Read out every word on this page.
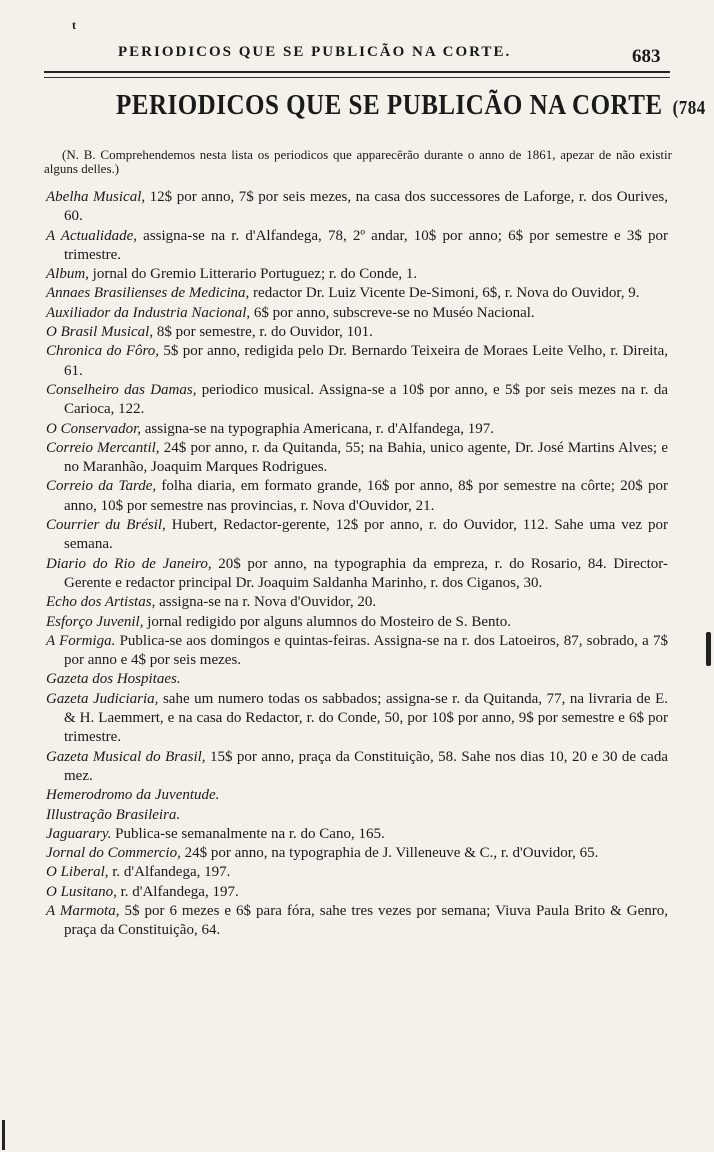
t
PERIODICOS QUE SE PUBLICÃO NA CORTE.	683
PERIODICOS QUE SE PUBLICÃO NA CORTE (784
(N. B. Comprehendemos nesta lista os periodicos que apparecêrão durante o anno de 1861, apezar de não existir alguns delles.)
Abelha Musical, 12$ por anno, 7$ por seis mezes, na casa dos successores de Laforge, r. dos Ourives, 60.
A Actualidade, assigna-se na r. d'Alfandega, 78, 2º andar, 10$ por anno; 6$ por semestre e 3$ por trimestre.
Album, jornal do Gremio Litterario Portuguez; r. do Conde, 1.
Annaes Brasilienses de Medicina, redactor Dr. Luiz Vicente De-Simoni, 6$, r. Nova do Ouvidor, 9.
Auxiliador da Industria Nacional, 6$ por anno, subscreve-se no Muséo Nacional.
O Brasil Musical, 8$ por semestre, r. do Ouvidor, 101.
Chronica do Fôro, 5$ por anno, redigida pelo Dr. Bernardo Teixeira de Moraes Leite Velho, r. Direita, 61.
Conselheiro das Damas, periodico musical. Assigna-se a 10$ por anno, e 5$ por seis mezes na r. da Carioca, 122.
O Conservador, assigna-se na typographia Americana, r. d'Alfandega, 197.
Correio Mercantil, 24$ por anno, r. da Quitanda, 55; na Bahia, unico agente, Dr. José Martins Alves; e no Maranhão, Joaquim Marques Rodrigues.
Correio da Tarde, folha diaria, em formato grande, 16$ por anno, 8$ por semestre na côrte; 20$ por anno, 10$ por semestre nas provincias, r. Nova d'Ouvidor, 21.
Courrier du Brésil, Hubert, Redactor-gerente, 12$ por anno, r. do Ouvidor, 112. Sahe uma vez por semana.
Diario do Rio de Janeiro, 20$ por anno, na typographia da empreza, r. do Rosario, 84. Director-Gerente e redactor principal Dr. Joaquim Saldanha Marinho, r. dos Ciganos, 30.
Echo dos Artistas, assigna-se na r. Nova d'Ouvidor, 20.
Esforço Juvenil, jornal redigido por alguns alumnos do Mosteiro de S. Bento.
A Formiga. Publica-se aos domingos e quintas-feiras. Assigna-se na r. dos Latoeiros, 87, sobrado, a 7$ por anno e 4$ por seis mezes.
Gazeta dos Hospitaes.
Gazeta Judiciaria, sahe um numero todas os sabbados; assigna-se r. da Quitanda, 77, na livraria de E. & H. Laemmert, e na casa do Redactor, r. do Conde, 50, por 10$ por anno, 9$ por semestre e 6$ por trimestre.
Gazeta Musical do Brasil, 15$ por anno, praça da Constituição, 58. Sahe nos dias 10, 20 e 30 de cada mez.
Hemerodromo da Juventude.
Illustração Brasileira.
Jaguarary. Publica-se semanalmente na r. do Cano, 165.
Jornal do Commercio, 24$ por anno, na typographia de J. Villeneuve & C., r. d'Ouvidor, 65.
O Liberal, r. d'Alfandega, 197.
O Lusitano, r. d'Alfandega, 197.
A Marmota, 5$ por 6 mezes e 6$ para fóra, sahe tres vezes por semana; Viuva Paula Brito & Genro, praça da Constituição, 64.
